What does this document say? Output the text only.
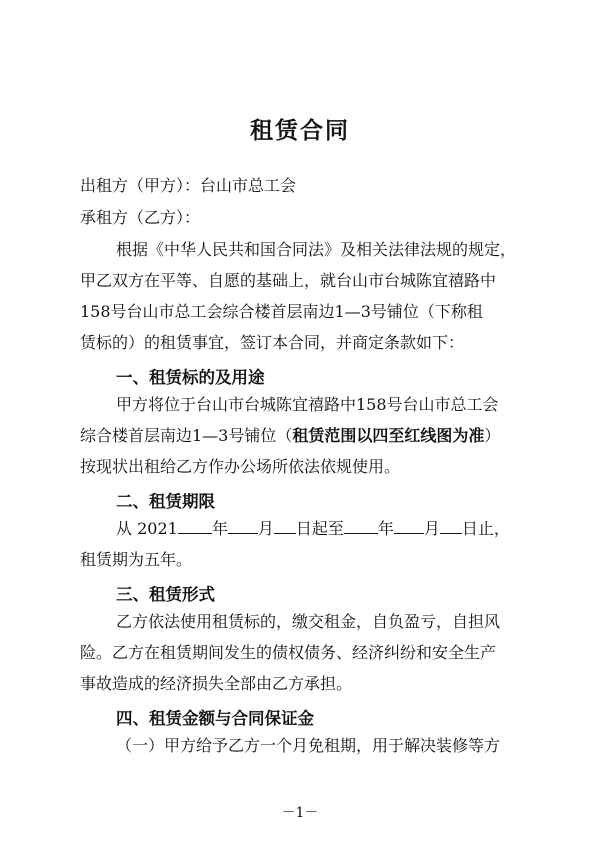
租赁合同
出租方（甲方）：台山市总工会
承租方（乙方）：
根据《中华人民共和国合同法》及相关法律法规的规定，
甲乙双方在平等、自愿的基础上，就台山市台城陈宜禧路中
158号台山市总工会综合楼首层南边1—3号铺位（下称租
赁标的）的租赁事宜，签订本合同，并商定条款如下：
一、租赁标的及用途
甲方将位于台山市台城陈宜禧路中158号台山市总工会
综合楼首层南边1—3号铺位（租赁范围以四至红线图为准）
按现状出租给乙方作办公场所依法依规使用。
二、租赁期限
从 2021 年 月 日起至 年 月 日止，
租赁期为五年。
三、租赁形式
乙方依法使用租赁标的，缴交租金，自负盈亏，自担风
险。乙方在租赁期间发生的债权债务、经济纠纷和安全生产
事故造成的经济损失全部由乙方承担。
四、租赁金额与合同保证金
（一）甲方给予乙方一个月免租期，用于解决装修等方
－1－
